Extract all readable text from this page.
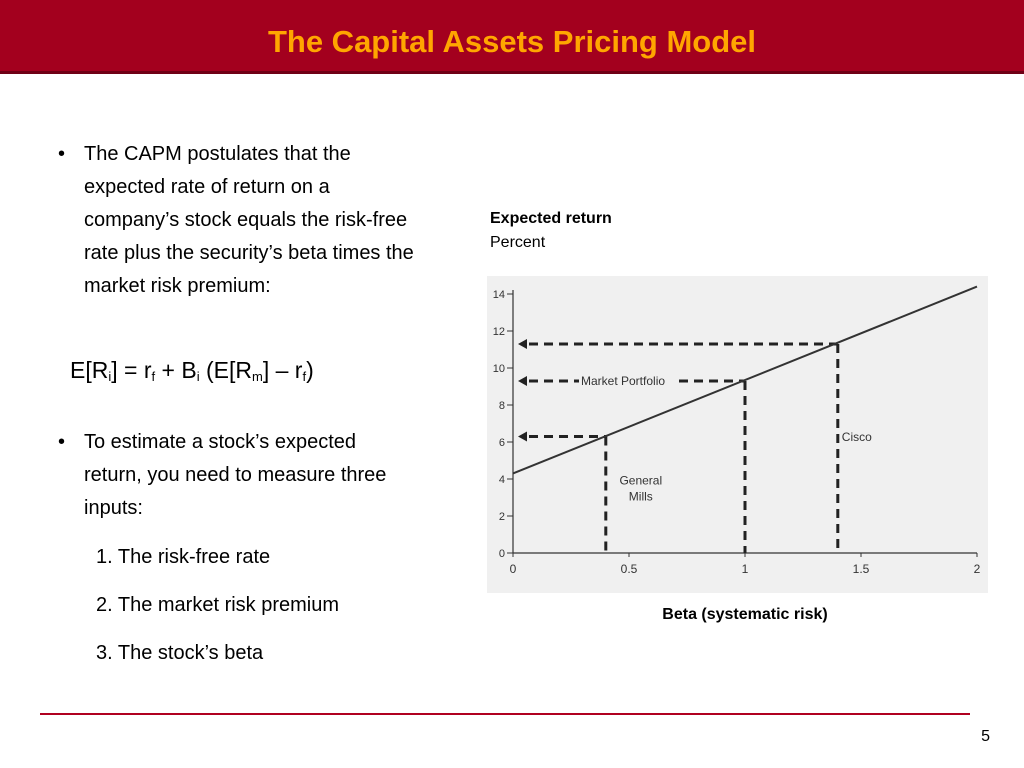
The Capital Assets Pricing Model
• The CAPM postulates that the expected rate of return on a company’s stock equals the risk-free rate plus the security’s beta times the market risk premium:
$E[R_i] = r_f + B_i$ $(E[R_m] - r_f)$
• To estimate a stock’s expected return, you need to measure three inputs:
1. The risk-free rate
2. The market risk premium
3. The stock’s beta
Expected return
Percent
0
2
4
6
8
10
12
14
0	0.5	1	1.5	2
General
Mills
Market Portfolio
Cisco
Beta (systematic risk)
5
